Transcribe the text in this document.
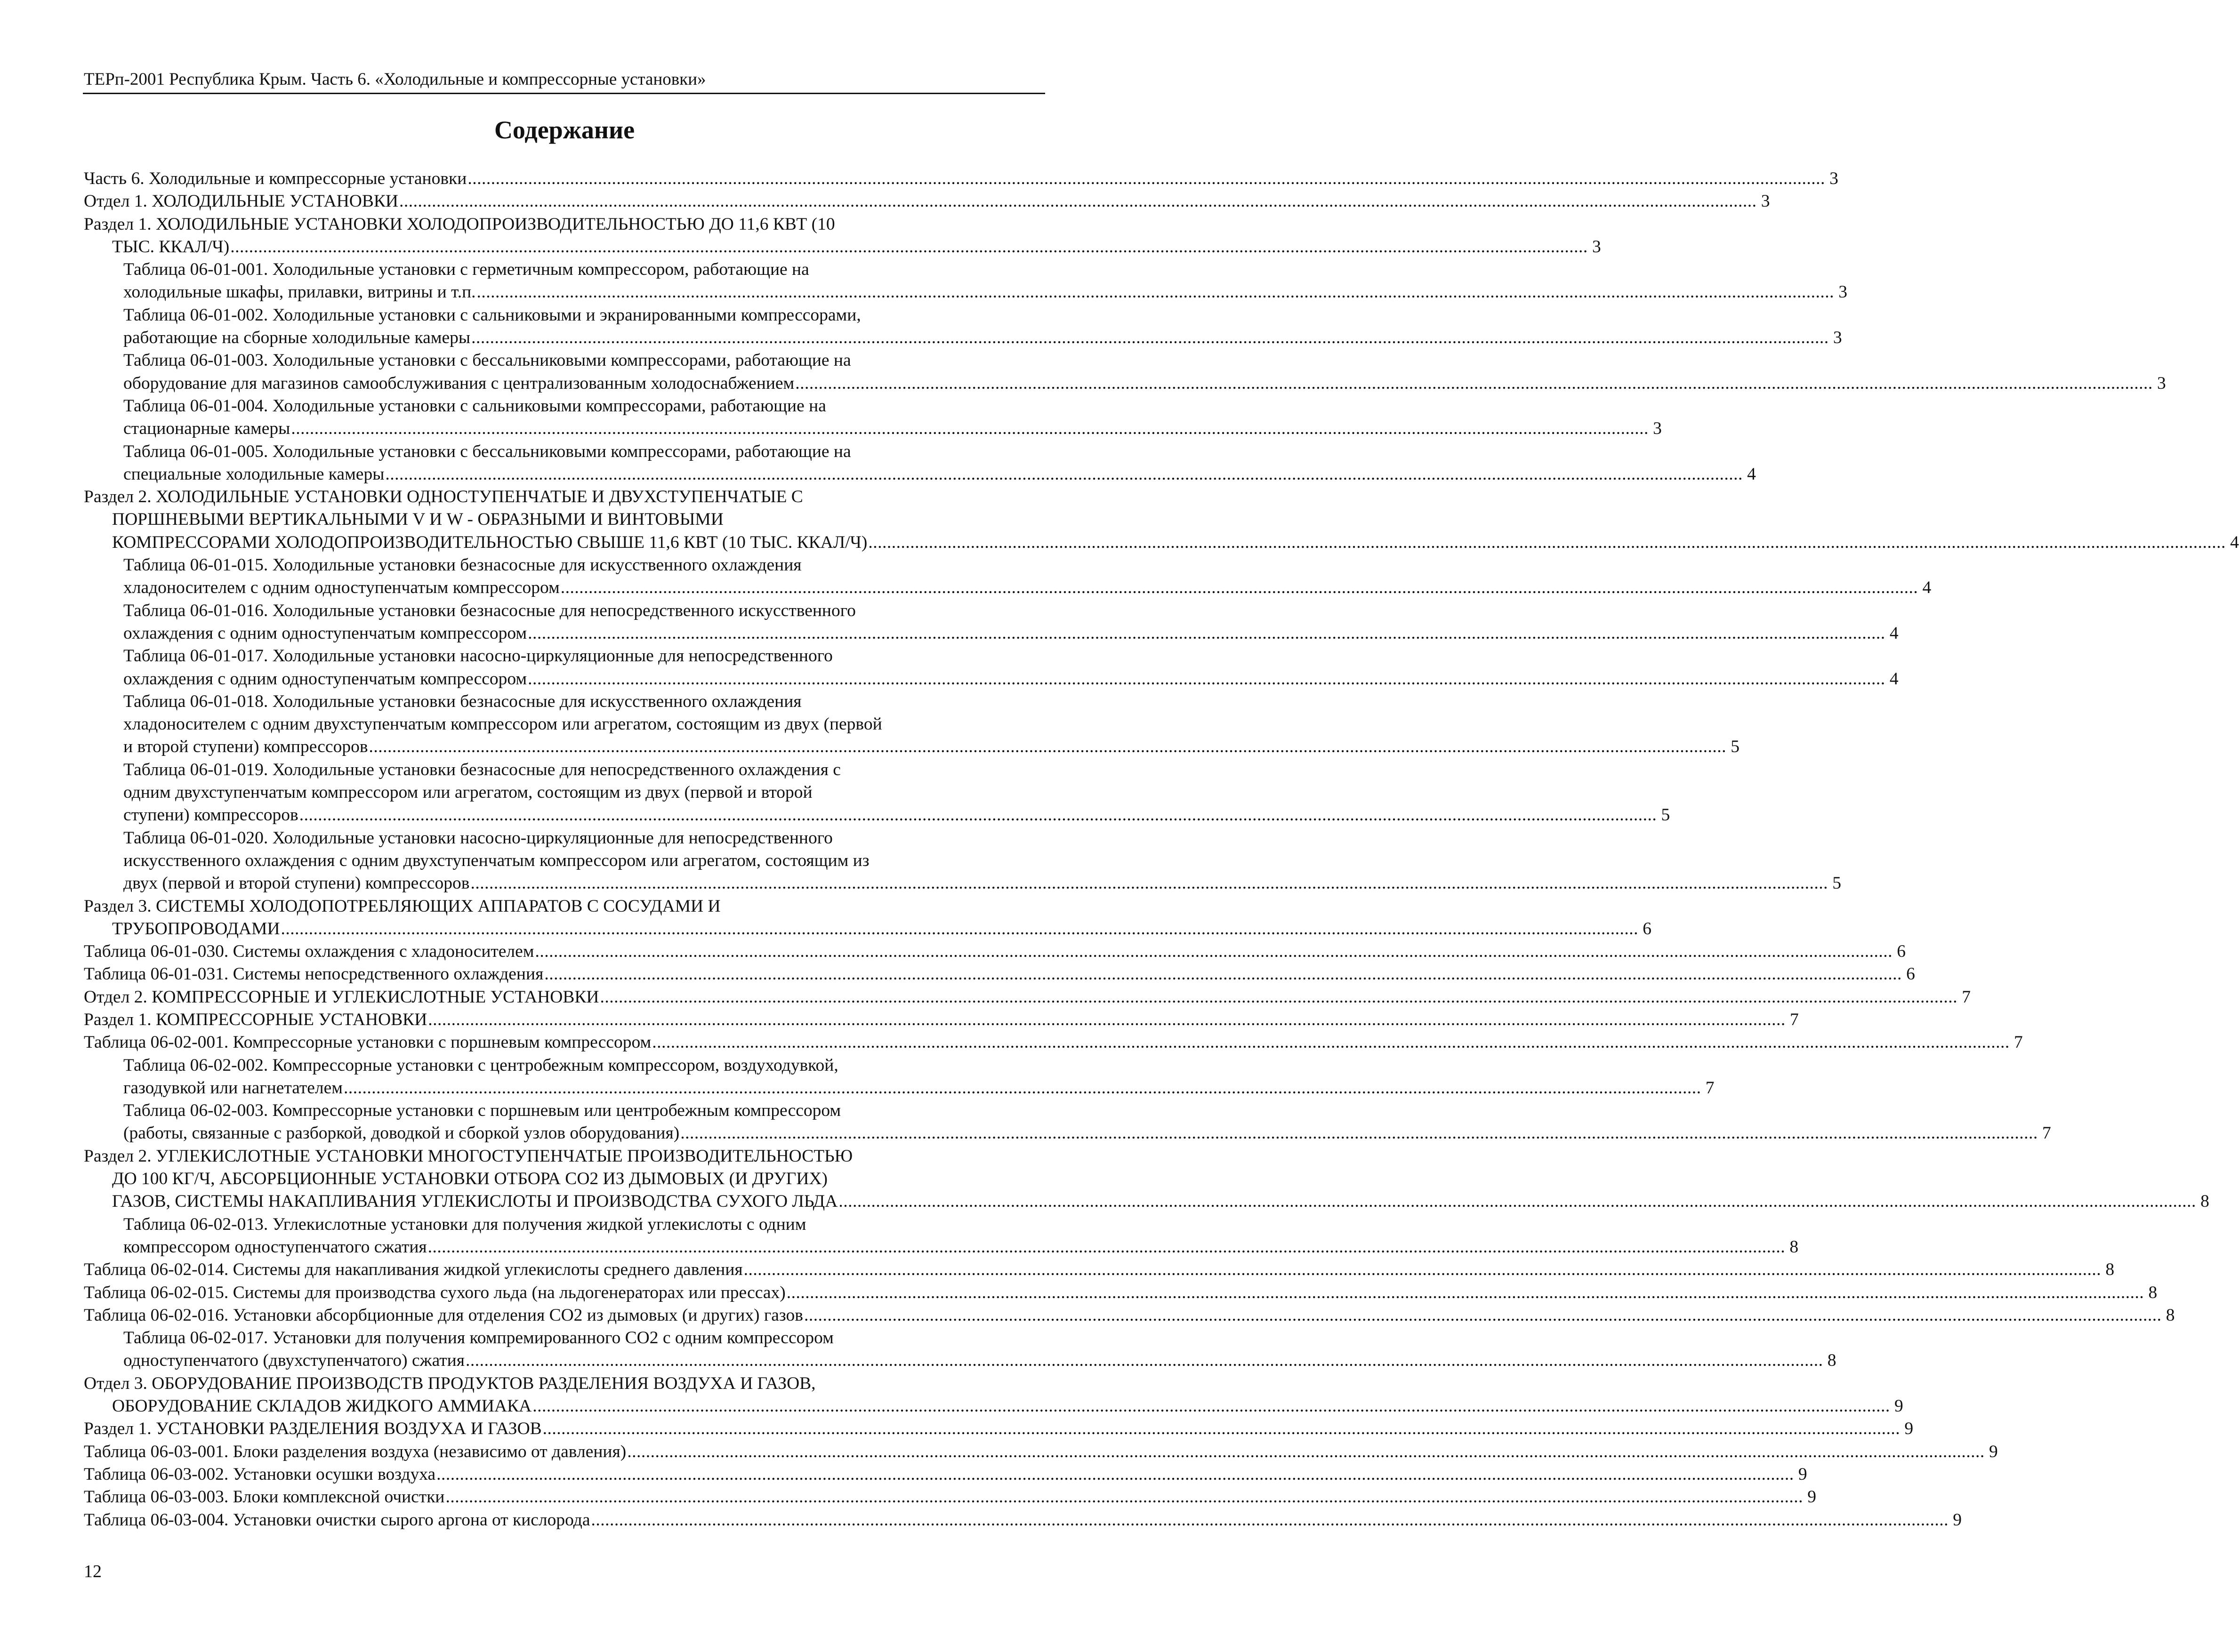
ТЕРп-2001 Республика Крым. Часть 6. «Холодильные и компрессорные установки»
Содержание
Часть 6. Холодильные и компрессорные установки .................................................................................................................................................................................................................................................................................................... 3
Отдел 1. ХОЛОДИЛЬНЫЕ УСТАНОВКИ .................................................................................................................................................................................................................................................................................................... 3
Раздел 1. ХОЛОДИЛЬНЫЕ УСТАНОВКИ ХОЛОДОПРОИЗВОДИТЕЛЬНОСТЬЮ ДО 11,6 КВТ (10
ТЫС. ККАЛ/Ч) .................................................................................................................................................................................................................................................................................................... 3
Таблица 06-01-001. Холодильные установки с герметичным компрессором, работающие на
холодильные шкафы, прилавки, витрины и т.п. .................................................................................................................................................................................................................................................................................................... 3
Таблица 06-01-002. Холодильные установки с сальниковыми и экранированными компрессорами,
работающие на сборные холодильные камеры .................................................................................................................................................................................................................................................................................................... 3
Таблица 06-01-003. Холодильные установки с бессальниковыми компрессорами, работающие на
оборудование для магазинов самообслуживания с централизованным холодоснабжением .................................................................................................................................................................................................................................................................................................... 3
Таблица 06-01-004. Холодильные установки с сальниковыми компрессорами, работающие на
стационарные камеры .................................................................................................................................................................................................................................................................................................... 3
Таблица 06-01-005. Холодильные установки с бессальниковыми компрессорами, работающие на
специальные холодильные камеры .................................................................................................................................................................................................................................................................................................... 4
Раздел 2. ХОЛОДИЛЬНЫЕ УСТАНОВКИ ОДНОСТУПЕНЧАТЫЕ И ДВУХСТУПЕНЧАТЫЕ С
ПОРШНЕВЫМИ ВЕРТИКАЛЬНЫМИ V И W - ОБРАЗНЫМИ И ВИНТОВЫМИ
КОМПРЕССОРАМИ ХОЛОДОПРОИЗВОДИТЕЛЬНОСТЬЮ СВЫШЕ 11,6 КВТ (10 ТЫС. ККАЛ/Ч) .................................................................................................................................................................................................................................................................................................... 4
Таблица 06-01-015. Холодильные установки безнасосные для искусственного охлаждения
хладоносителем с одним одноступенчатым компрессором .................................................................................................................................................................................................................................................................................................... 4
Таблица 06-01-016. Холодильные установки безнасосные для непосредственного искусственного
охлаждения с одним одноступенчатым компрессором .................................................................................................................................................................................................................................................................................................... 4
Таблица 06-01-017. Холодильные установки насосно-циркуляционные для непосредственного
охлаждения с одним одноступенчатым компрессором .................................................................................................................................................................................................................................................................................................... 4
Таблица 06-01-018. Холодильные установки безнасосные для искусственного охлаждения
хладоносителем с одним двухступенчатым компрессором или агрегатом, состоящим из двух (первой
и второй ступени) компрессоров .................................................................................................................................................................................................................................................................................................... 5
Таблица 06-01-019. Холодильные установки безнасосные для непосредственного охлаждения с
одним двухступенчатым компрессором или агрегатом, состоящим из двух (первой и второй
ступени) компрессоров .................................................................................................................................................................................................................................................................................................... 5
Таблица 06-01-020. Холодильные установки насосно-циркуляционные для непосредственного
искусственного охлаждения с одним двухступенчатым компрессором или агрегатом, состоящим из
двух (первой и второй ступени) компрессоров .................................................................................................................................................................................................................................................................................................... 5
Раздел 3. СИСТЕМЫ ХОЛОДОПОТРЕБЛЯЮЩИХ АППАРАТОВ С СОСУДАМИ И
ТРУБОПРОВОДАМИ .................................................................................................................................................................................................................................................................................................... 6
Таблица 06-01-030. Системы охлаждения с хладоносителем .................................................................................................................................................................................................................................................................................................... 6
Таблица 06-01-031. Системы непосредственного охлаждения .................................................................................................................................................................................................................................................................................................... 6
Отдел 2. КОМПРЕССОРНЫЕ И УГЛЕКИСЛОТНЫЕ УСТАНОВКИ .................................................................................................................................................................................................................................................................................................... 7
Раздел 1. КОМПРЕССОРНЫЕ УСТАНОВКИ .................................................................................................................................................................................................................................................................................................... 7
Таблица 06-02-001. Компрессорные установки с поршневым компрессором .................................................................................................................................................................................................................................................................................................... 7
Таблица 06-02-002. Компрессорные установки с центробежным компрессором, воздуходувкой,
газодувкой или нагнетателем .................................................................................................................................................................................................................................................................................................... 7
Таблица 06-02-003. Компрессорные установки с поршневым или центробежным компрессором
(работы, связанные с разборкой, доводкой и сборкой узлов оборудования) .................................................................................................................................................................................................................................................................................................... 7
Раздел 2. УГЛЕКИСЛОТНЫЕ УСТАНОВКИ МНОГОСТУПЕНЧАТЫЕ ПРОИЗВОДИТЕЛЬНОСТЬЮ
ДО 100 КГ/Ч, АБСОРБЦИОННЫЕ УСТАНОВКИ ОТБОРА СО2 ИЗ ДЫМОВЫХ (И ДРУГИХ)
ГАЗОВ, СИСТЕМЫ НАКАПЛИВАНИЯ УГЛЕКИСЛОТЫ И ПРОИЗВОДСТВА СУХОГО ЛЬДА .................................................................................................................................................................................................................................................................................................... 8
Таблица 06-02-013. Углекислотные установки для получения жидкой углекислоты с одним
компрессором одноступенчатого сжатия .................................................................................................................................................................................................................................................................................................... 8
Таблица 06-02-014. Системы для накапливания жидкой углекислоты среднего давления .................................................................................................................................................................................................................................................................................................... 8
Таблица 06-02-015. Системы для производства сухого льда (на льдогенераторах или прессах) .................................................................................................................................................................................................................................................................................................... 8
Таблица 06-02-016. Установки абсорбционные для отделения СО2 из дымовых (и других) газов .................................................................................................................................................................................................................................................................................................... 8
Таблица 06-02-017. Установки для получения компремированного СО2 с одним компрессором
одноступенчатого (двухступенчатого) сжатия .................................................................................................................................................................................................................................................................................................... 8
Отдел 3. ОБОРУДОВАНИЕ ПРОИЗВОДСТВ ПРОДУКТОВ РАЗДЕЛЕНИЯ ВОЗДУХА И ГАЗОВ,
ОБОРУДОВАНИЕ СКЛАДОВ ЖИДКОГО АММИАКА .................................................................................................................................................................................................................................................................................................... 9
Раздел 1. УСТАНОВКИ РАЗДЕЛЕНИЯ ВОЗДУХА И ГАЗОВ .................................................................................................................................................................................................................................................................................................... 9
Таблица 06-03-001. Блоки разделения воздуха (независимо от давления) .................................................................................................................................................................................................................................................................................................... 9
Таблица 06-03-002. Установки осушки воздуха .................................................................................................................................................................................................................................................................................................... 9
Таблица 06-03-003. Блоки комплексной очистки .................................................................................................................................................................................................................................................................................................... 9
Таблица 06-03-004. Установки очистки сырого аргона от кислорода .................................................................................................................................................................................................................................................................................................... 9
12
